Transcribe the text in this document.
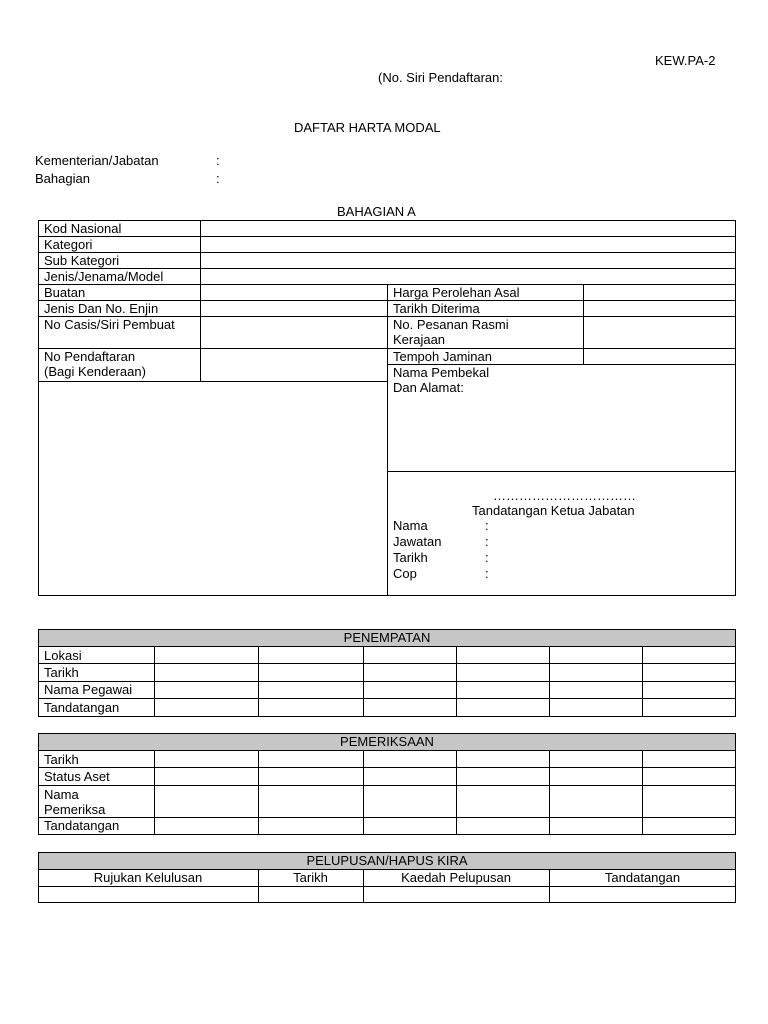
KEW.PA-2
(No. Siri Pendaftaran:
DAFTAR HARTA MODAL
Kementerian/Jabatan	:
Bahagian	:
BAHAGIAN A
Kod Nasional
Kategori
Sub Kategori
Jenis/Jenama/Model
Buatan
Jenis Dan No. Enjin
No Casis/Siri Pembuat
No Pendaftaran
(Bagi Kenderaan)
Harga Perolehan Asal
Tarikh Diterima
No. Pesanan Rasmi
Kerajaan
Tempoh Jaminan
Nama Pembekal
Dan Alamat:
……………………………
Tandatangan Ketua Jabatan
Nama	:
Jawatan	:
Tarikh	:
Cop	:
PENEMPATAN
Lokasi
Tarikh
Nama Pegawai
Tandatangan
PEMERIKSAAN
Tarikh
Status Aset
Nama
Pemeriksa
Tandatangan
PELUPUSAN/HAPUS KIRA
Rujukan Kelulusan	Tarikh	Kaedah Pelupusan	Tandatangan
